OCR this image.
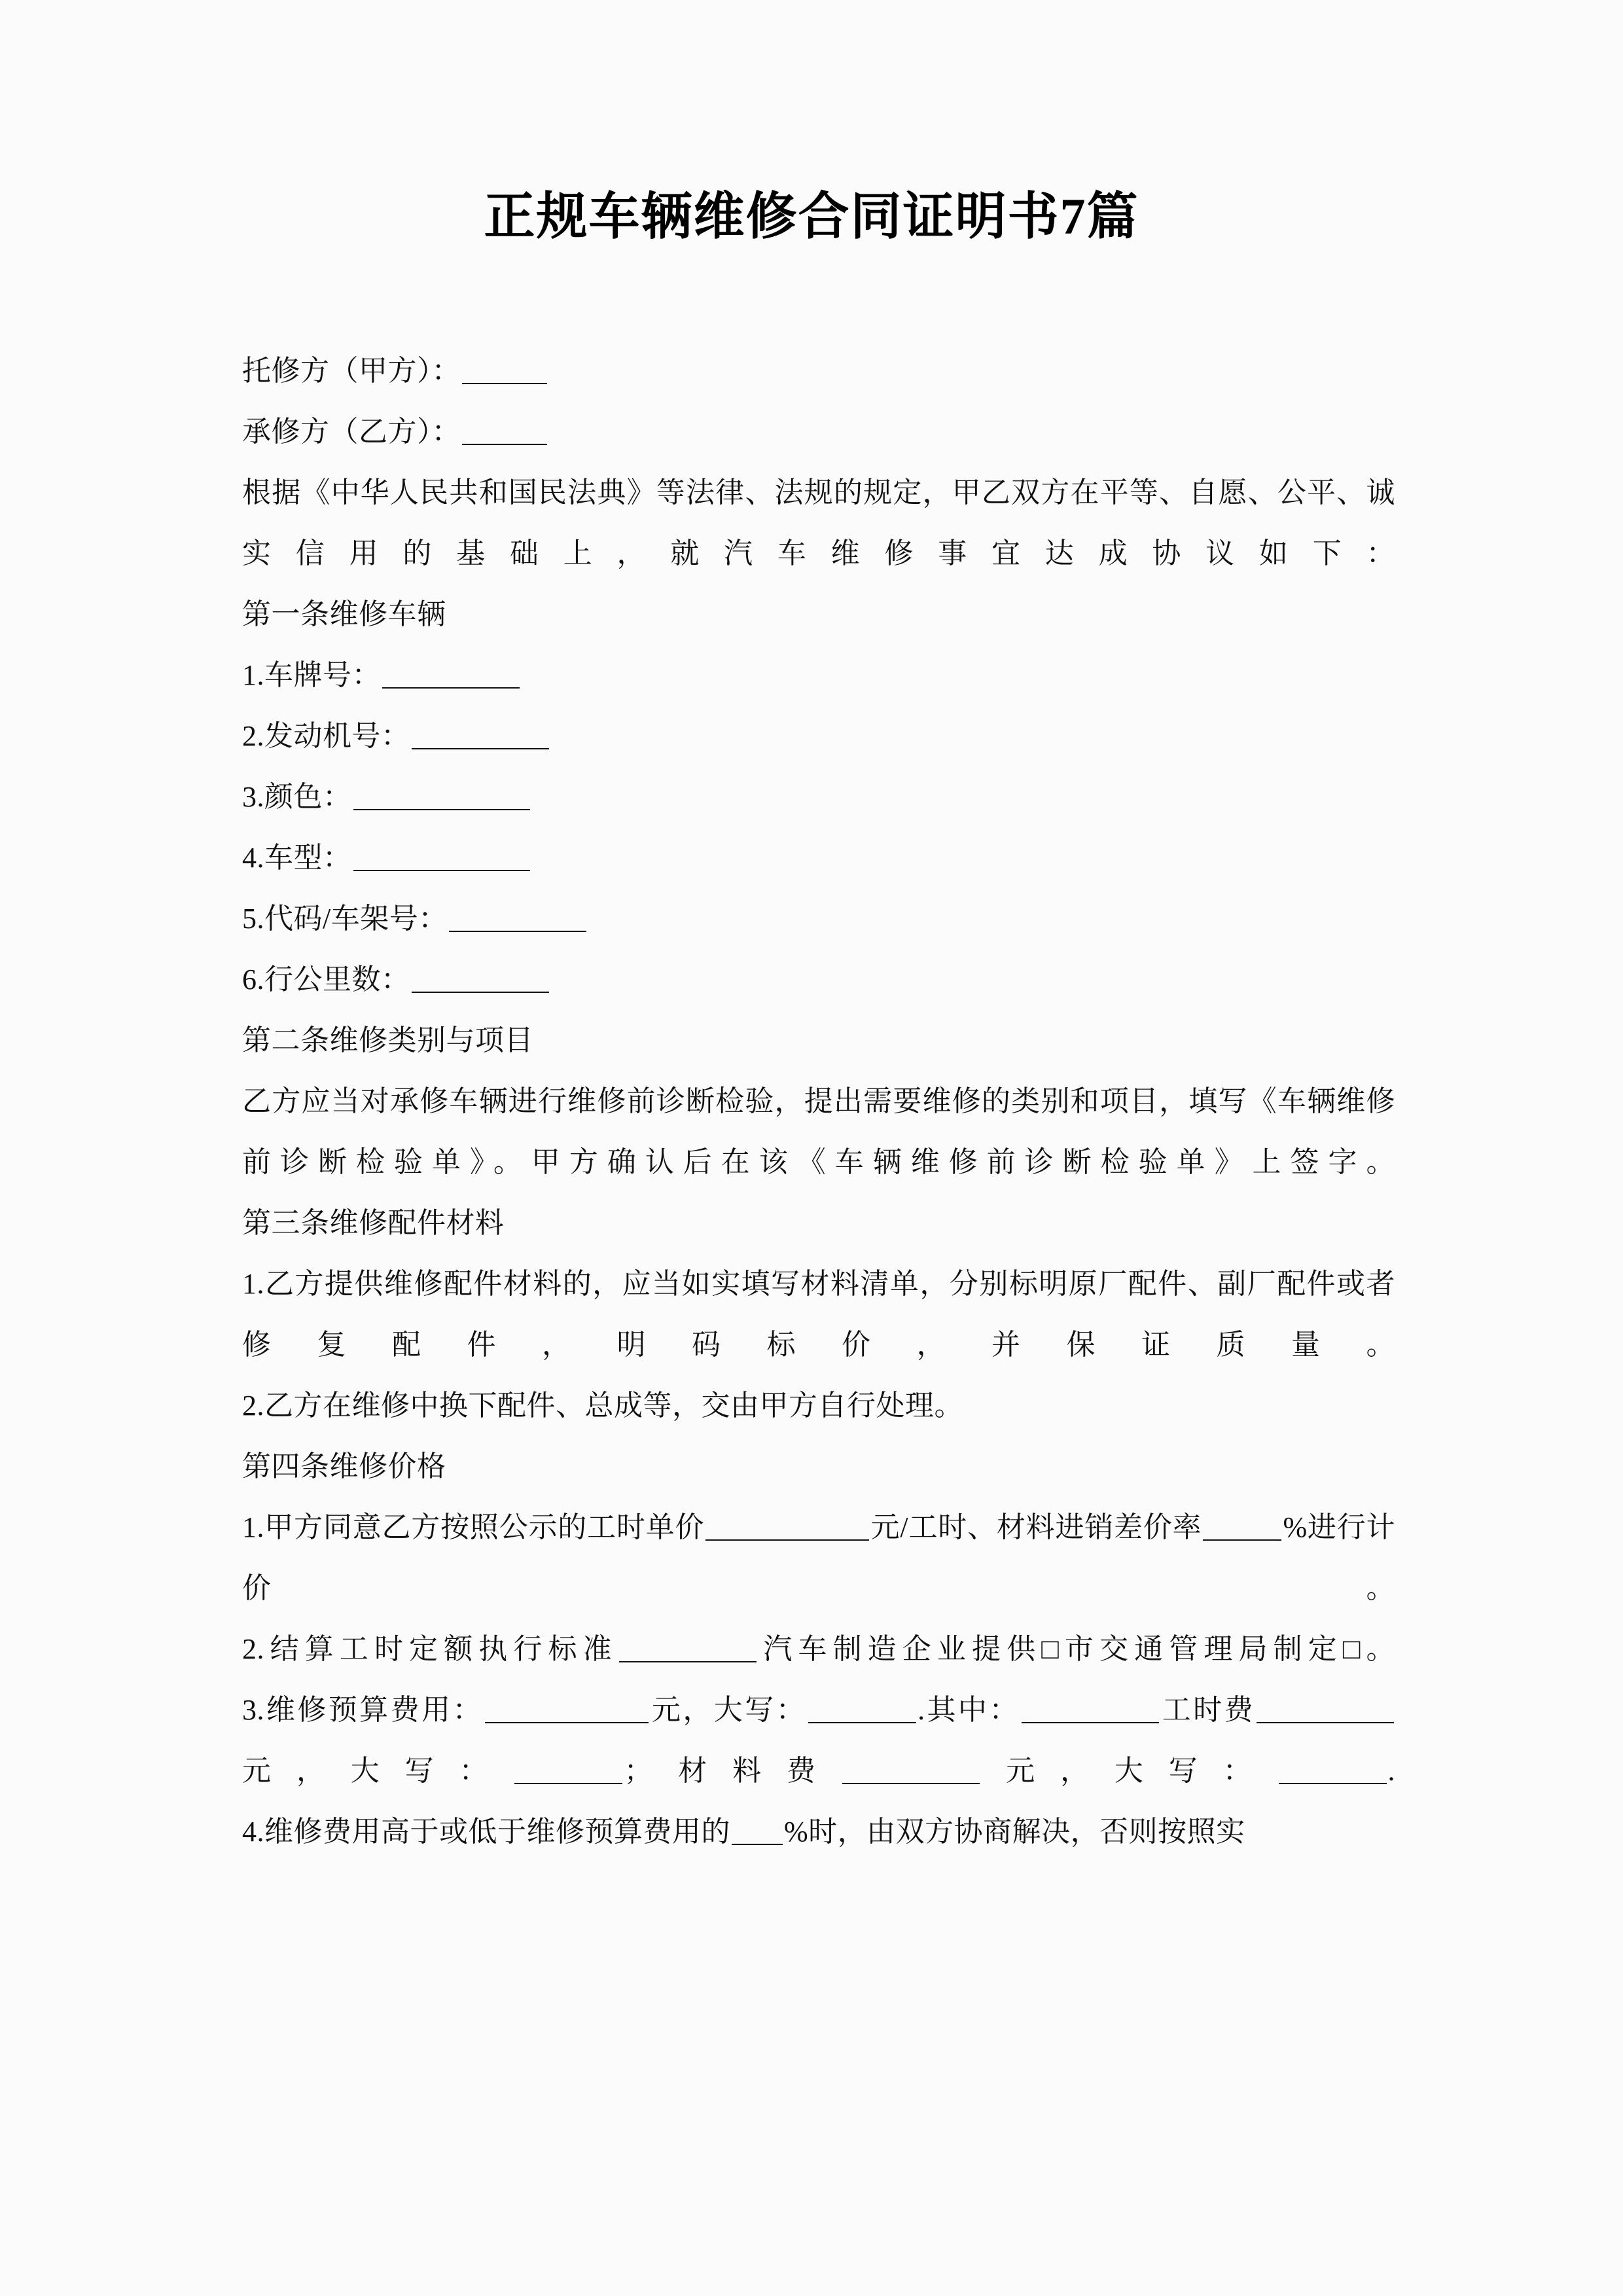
正规车辆维修合同证明书7篇
托修方（甲方）：
承修方（乙方）：
根据《中华人民共和国民法典》等法律、法规的规定，甲乙双方在平等、自愿、公平、诚实信用的基础上，就汽车维修事宜达成协议如下：
第一条维修车辆
1.车牌号：
2.发动机号：
3.颜色：
4.车型：
5.代码/车架号：
6.行公里数：
第二条维修类别与项目
乙方应当对承修车辆进行维修前诊断检验，提出需要维修的类别和项目，填写《车辆维修前诊断检验单》。甲方确认后在该《车辆维修前诊断检验单》上签字。
第三条维修配件材料
1.乙方提供维修配件材料的，应当如实填写材料清单，分别标明原厂配件、副厂配件或者修复配件，明码标价，并保证质量。
2.乙方在维修中换下配件、总成等，交由甲方自行处理。
第四条维修价格
1.甲方同意乙方按照公示的工时单价	元/工时、材料进销差价率	%进行计价。
2.结算工时定额执行标准	汽车制造企业提供□市交通管理局制定□。
3.维修预算费用：	元，大写：	.其中：	工时费元，大写：	；材料费	元，大写：	.
4.维修费用高于或低于维修预算费用的 %时，由双方协商解决，否则按照实
